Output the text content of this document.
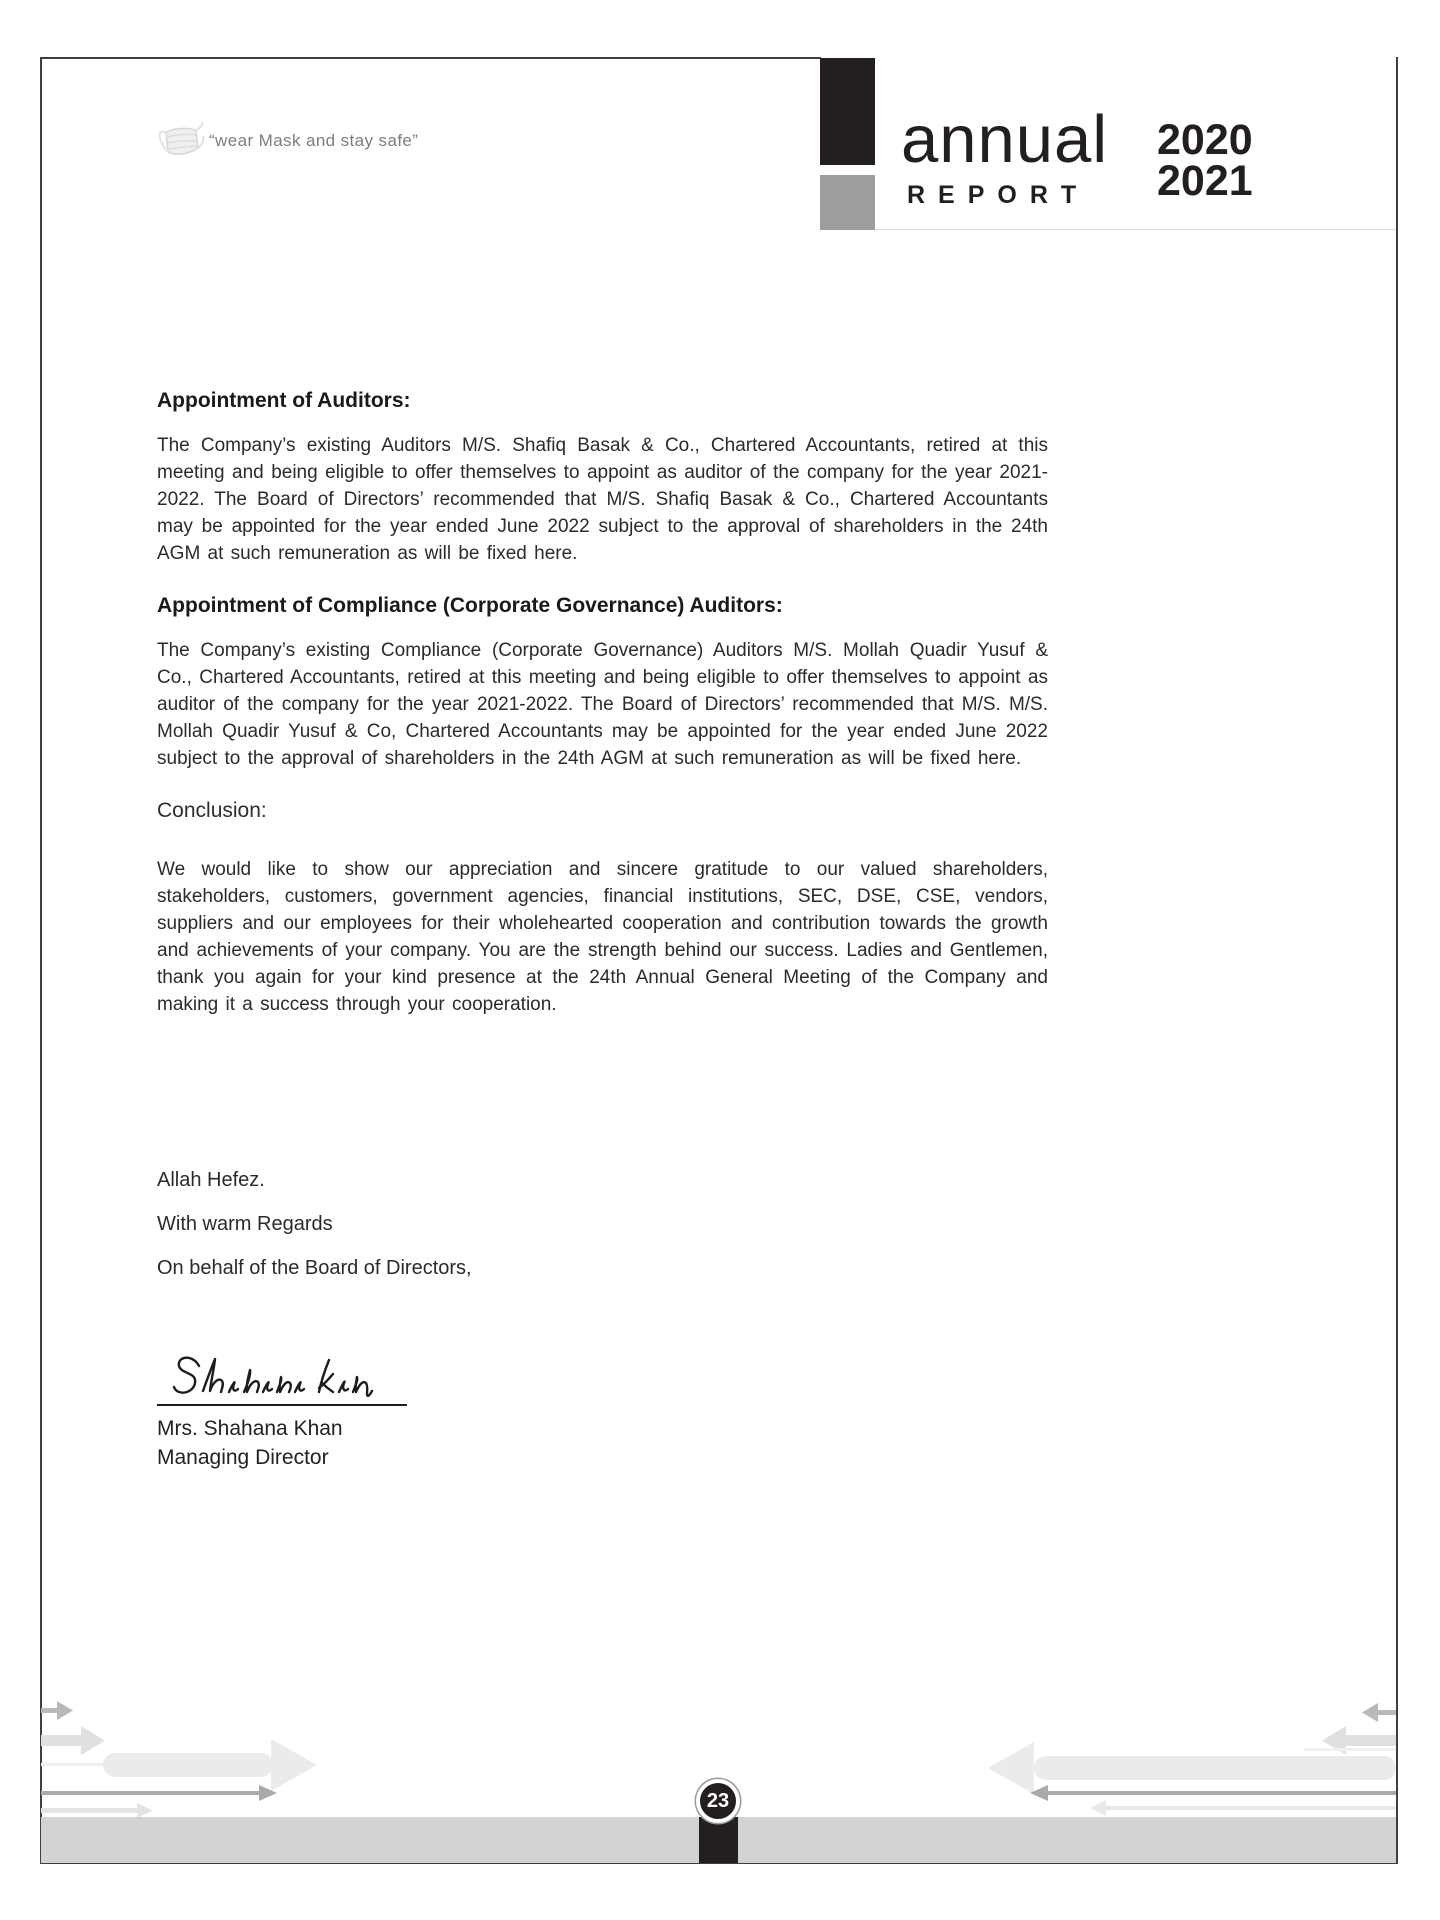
“wear Mask and stay safe”	annual
REPORT
2020
2021
Appointment of Auditors:

The Company’s existing Auditors M/S. Shafiq Basak & Co., Chartered Accountants, retired at this meeting and being eligible to offer themselves to appoint as auditor of the company for the year 2021-2022. The Board of Directors’ recommended that M/S. Shafiq Basak & Co., Chartered Accountants may be appointed for the year ended June 2022 subject to the approval of shareholders in the 24th AGM at such remuneration as will be fixed here.

Appointment of Compliance (Corporate Governance) Auditors:

The Company’s existing Compliance (Corporate Governance) Auditors M/S. Mollah Quadir Yusuf & Co., Chartered Accountants, retired at this meeting and being eligible to offer themselves to appoint as auditor of the company for the year 2021-2022. The Board of Directors’ recommended that M/S. M/S. Mollah Quadir Yusuf & Co, Chartered Accountants may be appointed for the year ended June 2022 subject to the approval of shareholders in the 24th AGM at such remuneration as will be fixed here.

Conclusion:

We would like to show our appreciation and sincere gratitude to our valued shareholders, stakeholders, customers, government agencies, financial institutions, SEC, DSE, CSE, vendors, suppliers and our employees for their wholehearted cooperation and contribution towards the growth and achievements of your company. You are the strength behind our success. Ladies and Gentlemen, thank you again for your kind presence at the 24th Annual General Meeting of the Company and making it a success through your cooperation.

Allah Hefez.
With warm Regards
On behalf of the Board of Directors,
Mrs. Shahana Khan
Managing Director
23
